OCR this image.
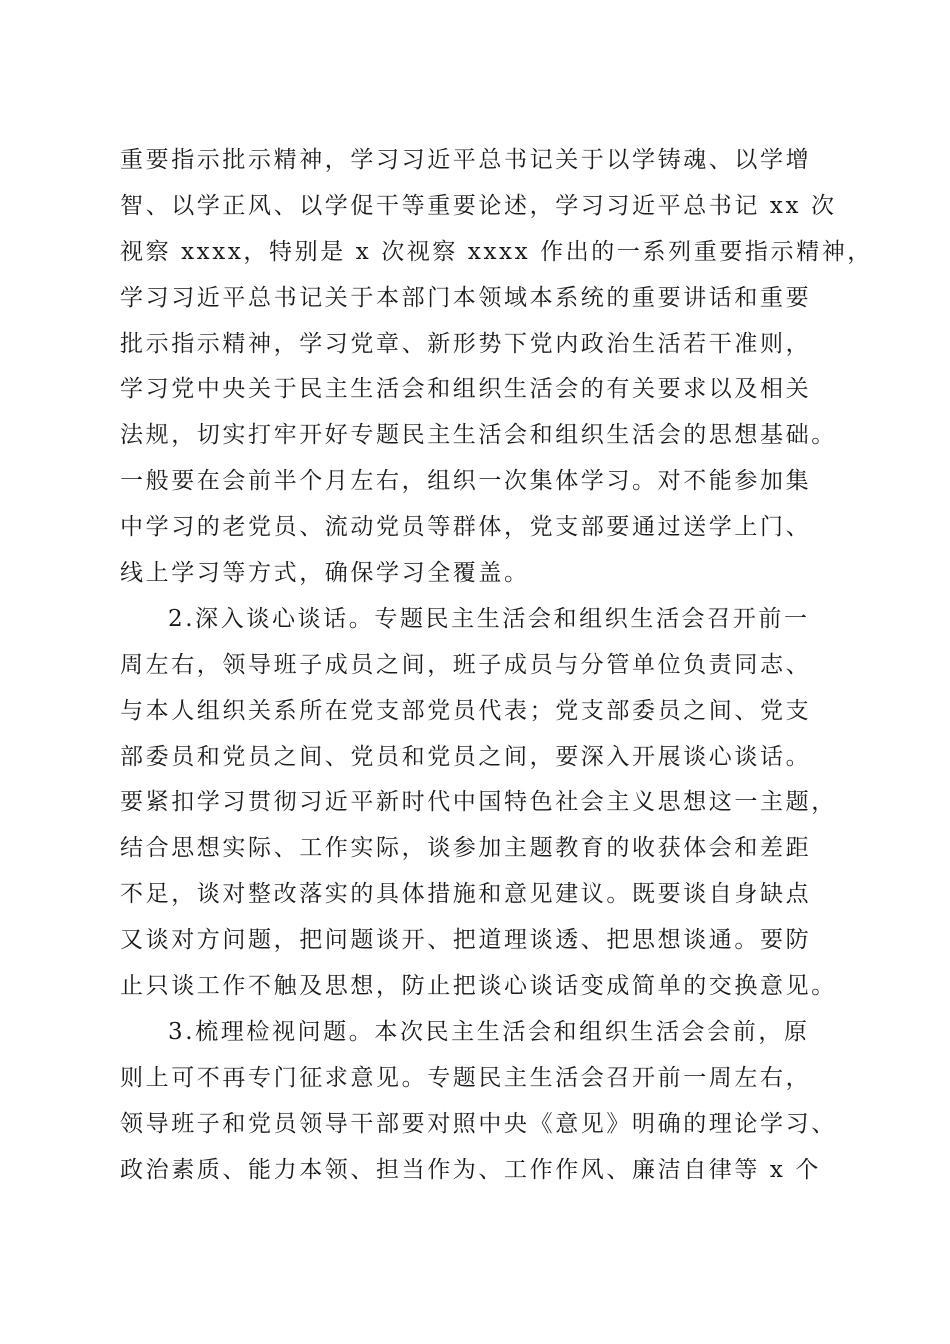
重要指示批示精神，学习习近平总书记关于以学铸魂、以学增
智、以学正风、以学促干等重要论述，学习习近平总书记 xx 次
视察 xxxx，特别是 x 次视察 xxxx 作出的一系列重要指示精神，
学习习近平总书记关于本部门本领域本系统的重要讲话和重要
批示指示精神，学习党章、新形势下党内政治生活若干准则，
学习党中央关于民主生活会和组织生活会的有关要求以及相关
法规，切实打牢开好专题民主生活会和组织生活会的思想基础。
一般要在会前半个月左右，组织一次集体学习。对不能参加集
中学习的老党员、流动党员等群体，党支部要通过送学上门、
线上学习等方式，确保学习全覆盖。
2.深入谈心谈话。专题民主生活会和组织生活会召开前一
周左右，领导班子成员之间，班子成员与分管单位负责同志、
与本人组织关系所在党支部党员代表；党支部委员之间、党支
部委员和党员之间、党员和党员之间，要深入开展谈心谈话。
要紧扣学习贯彻习近平新时代中国特色社会主义思想这一主题，
结合思想实际、工作实际，谈参加主题教育的收获体会和差距
不足，谈对整改落实的具体措施和意见建议。既要谈自身缺点
又谈对方问题，把问题谈开、把道理谈透、把思想谈通。要防
止只谈工作不触及思想，防止把谈心谈话变成简单的交换意见。
3.梳理检视问题。本次民主生活会和组织生活会会前，原
则上可不再专门征求意见。专题民主生活会召开前一周左右，
领导班子和党员领导干部要对照中央《意见》明确的理论学习、
政治素质、能力本领、担当作为、工作作风、廉洁自律等 x 个
